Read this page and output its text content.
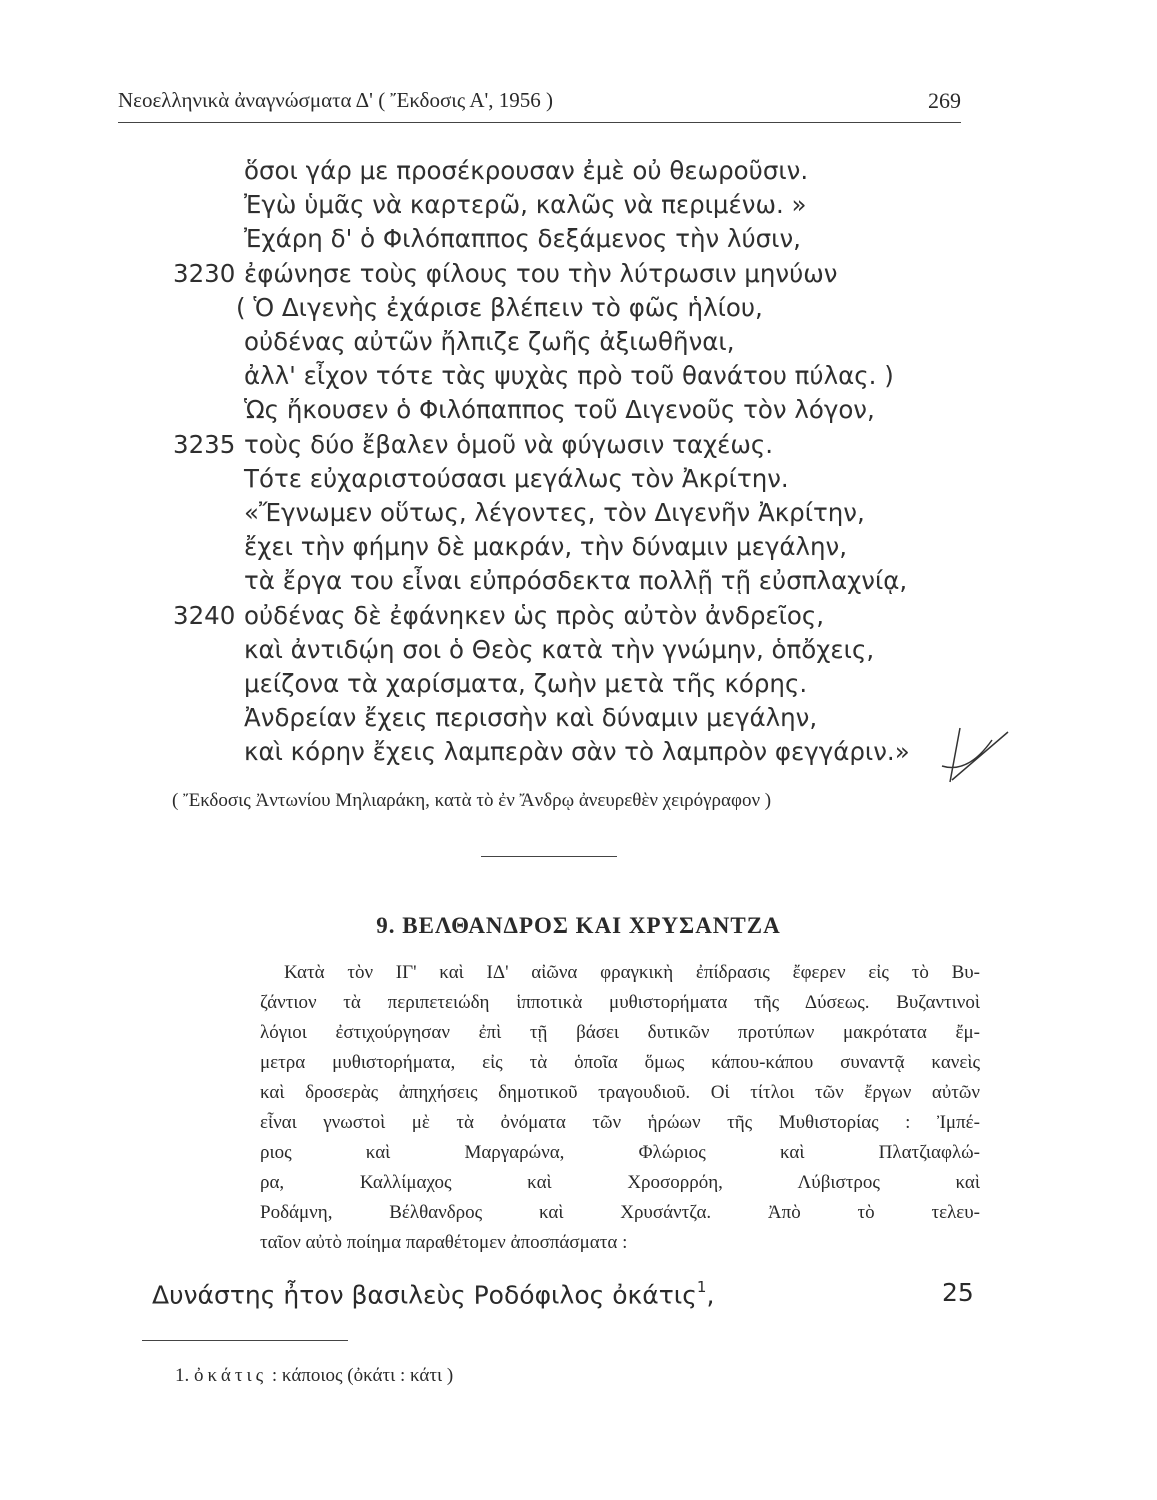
Νεοελληνικὰ ἀναγνώσματα Δ' ( Ἔκδοσις Α', 1956 )	269
ὅσοι γάρ με προσέκρουσαν ἐμὲ οὐ θεωροῦσιν.
Ἐγὼ ὑμᾶς νὰ καρτερῶ, καλῶς νὰ περιμένω. »
Ἐχάρη δ' ὁ Φιλόπαππος δεξάμενος τὴν λύσιν,
ἐφώνησε τοὺς φίλους του τὴν λύτρωσιν μηνύων
3230
( Ὁ Διγενὴς ἐχάρισε βλέπειν τὸ φῶς ἡλίου,
οὐδένας αὐτῶν ἤλπιζε ζωῆς ἀξιωθῆναι,
ἀλλ' εἶχον τότε τὰς ψυχὰς πρὸ τοῦ θανάτου πύλας. )
Ὡς ἤκουσεν ὁ Φιλόπαππος τοῦ Διγενοῦς τὸν λόγον,
τοὺς δύο ἔβαλεν ὁμοῦ νὰ φύγωσιν ταχέως.
3235
Τότε εὐχαριστούσασι μεγάλως τὸν Ἀκρίτην.
«Ἔγνωμεν οὕτως, λέγοντες, τὸν Διγενῆν Ἀκρίτην,
ἔχει τὴν φήμην δὲ μακράν, τὴν δύναμιν μεγάλην,
τὰ ἔργα του εἶναι εὐπρόσδεκτα πολλῇ τῇ εὐσπλαχνίᾳ,
οὐδένας δὲ ἐφάνηκεν ὡς πρὸς αὐτὸν ἀνδρεῖος,
3240
καὶ ἀντιδῴη σοι ὁ Θεὸς κατὰ τὴν γνώμην, ὁπὄχεις,
μείζονα τὰ χαρίσματα, ζωὴν μετὰ τῆς κόρης.
Ἀνδρείαν ἔχεις περισσὴν καὶ δύναμιν μεγάλην,
καὶ κόρην ἔχεις λαμπερὰν σὰν τὸ λαμπρὸν φεγγάριν.»
( Ἔκδοσις Ἀντωνίου Μηλιαράκη, κατὰ τὸ ἐν Ἄνδρῳ ἀνευρεθὲν χειρόγραφον )
9. ΒΕΛΘΑΝΔΡΟΣ ΚΑΙ ΧΡΥΣΑΝΤΖΑ
Κατὰ τὸν ΙΓ' καὶ ΙΔ' αἰῶνα φραγκικὴ ἐπίδρασις ἔφερεν εἰς τὸ Βυ-
ζάντιον τὰ περιπετειώδη ἱπποτικὰ μυθιστορήματα τῆς Δύσεως. Βυζαντινοὶ
λόγιοι ἐστιχούργησαν ἐπὶ τῇ βάσει δυτικῶν προτύπων μακρότατα ἔμ-
μετρα μυθιστορήματα, εἰς τὰ ὁποῖα ὅμως κάπου-κάπου συναντᾷ κανεὶς
καὶ δροσερὰς ἀπηχήσεις δημοτικοῦ τραγουδιοῦ. Οἱ τίτλοι τῶν ἔργων αὐτῶν
εἶναι γνωστοὶ μὲ τὰ ὀνόματα τῶν ἡρώων τῆς Μυθιστορίας : Ἰμπέ-
ριος καὶ Μαργαρώνα, Φλώριος καὶ Πλατζιαφλώ-
ρα, Καλλίμαχος καὶ Χροσορρόη, Λύβιστρος καὶ
Ροδάμνη, Βέλθανδρος καὶ Χρυσάντζα. Ἀπὸ τὸ τελευ-
ταῖον αὐτὸ ποίημα παραθέτομεν ἀποσπάσματα :
Δυνάστης ἦτον βασιλεὺς Ροδόφιλος ὀκάτις$^1$,	25
1. ὀκάτις : κάποιος (ὀκάτι : κάτι )
